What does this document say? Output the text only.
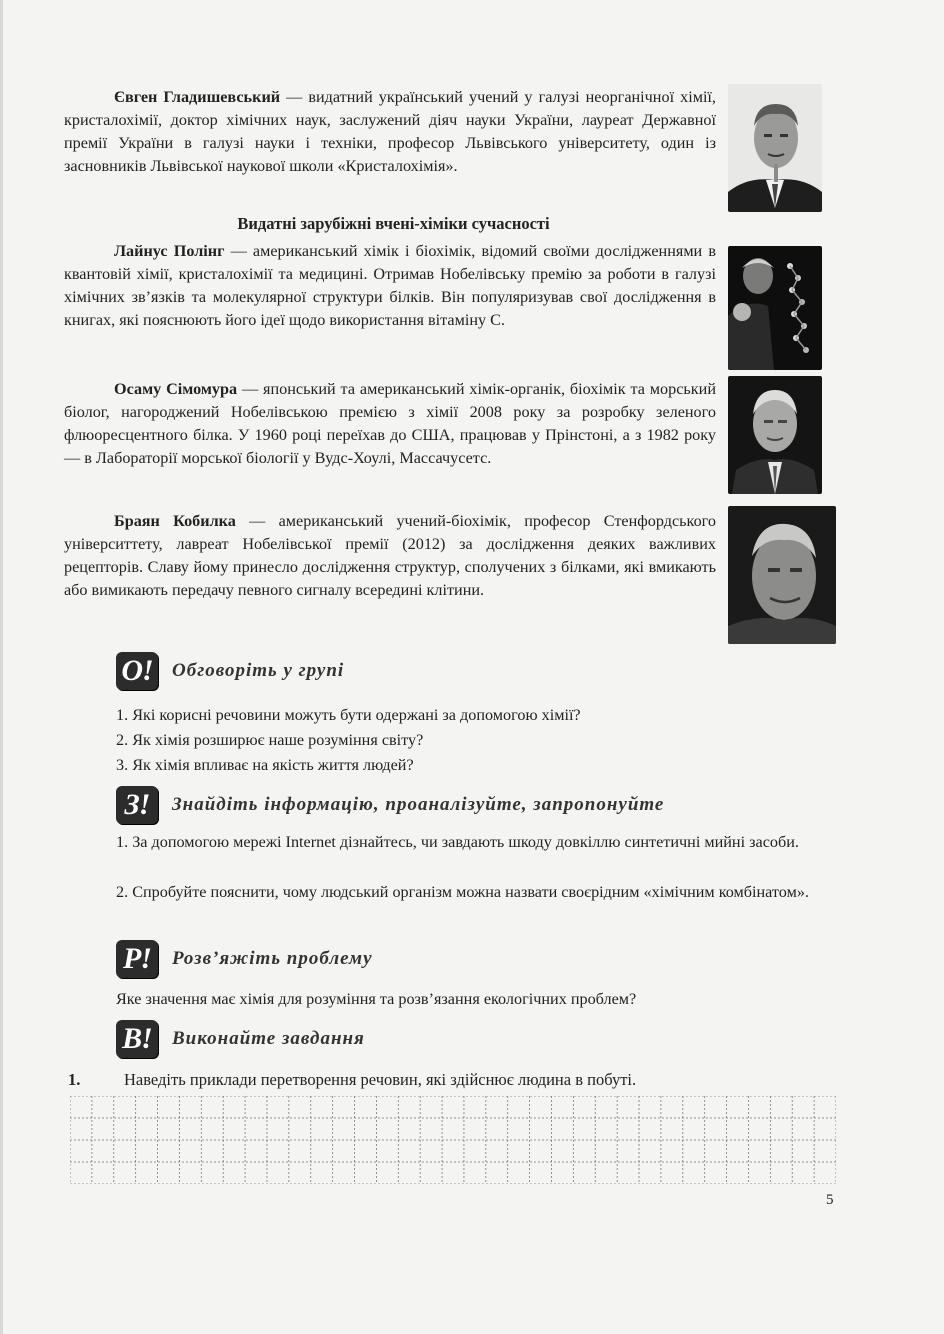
Євген Гладишевський — видатний український учений у галузі неорганічної хімії, кристалохімії, доктор хімічних наук, заслужений діяч науки України, лауреат Державної премії України в галузі науки і техніки, професор Львівського університету, один із засновників Львівської наукової школи «Кристалохімія».

Видатні зарубіжні вчені-хіміки сучасності

Лайнус Полінг — американський хімік і біохімік, відомий своїми дослідженнями в квантовій хімії, кристалохімії та медицині. Отримав Нобелівську премію за роботи в галузі хімічних зв’язків та молекулярної структури білків. Він популяризував свої дослідження в книгах, які пояснюють його ідеї щодо використання вітаміну С.

Осаму Сімомура — японський та американський хімік-органік, біохімік та морський біолог, нагороджений Нобелівською премією з хімії 2008 року за розробку зеленого флюоресцентного білка. У 1960 році переїхав до США, працював у Прінстоні, а з 1982 року — в Лабораторії морської біології у Вудс-Хоулі, Массачусетс.

Браян Кобилка — американський учений-біохімік, професор Стенфордського університтету, лавреат Нобелівської премії (2012) за дослідження деяких важливих рецепторів. Славу йому принесло дослідження структур, сполучених з білками, які вмикають або вимикають передачу певного сигналу всередині клітини.

О! Обговоріть у групі

1. Які корисні речовини можуть бути одержані за допомогою хімії?

2. Як хімія розширює наше розуміння світу?

3. Як хімія впливає на якість життя людей?

З!	Знайдіть інформацію, проаналізуйте, запропонуйте

1. За допомогою мережі Internet дізнайтесь, чи завдають шкоду довкіллю синтетичні мийні засоби.

2. Спробуйте пояснити, чому людський організм можна назвати своєрідним «хімічним комбінатом».

Р!	Розв’яжіть проблему

Яке значення має хімія для розуміння та розв’язання екологічних проблем?

В!	Виконайте завдання
1.	Наведіть приклади перетворення речовин, які здійснює людина в побуті.
5
